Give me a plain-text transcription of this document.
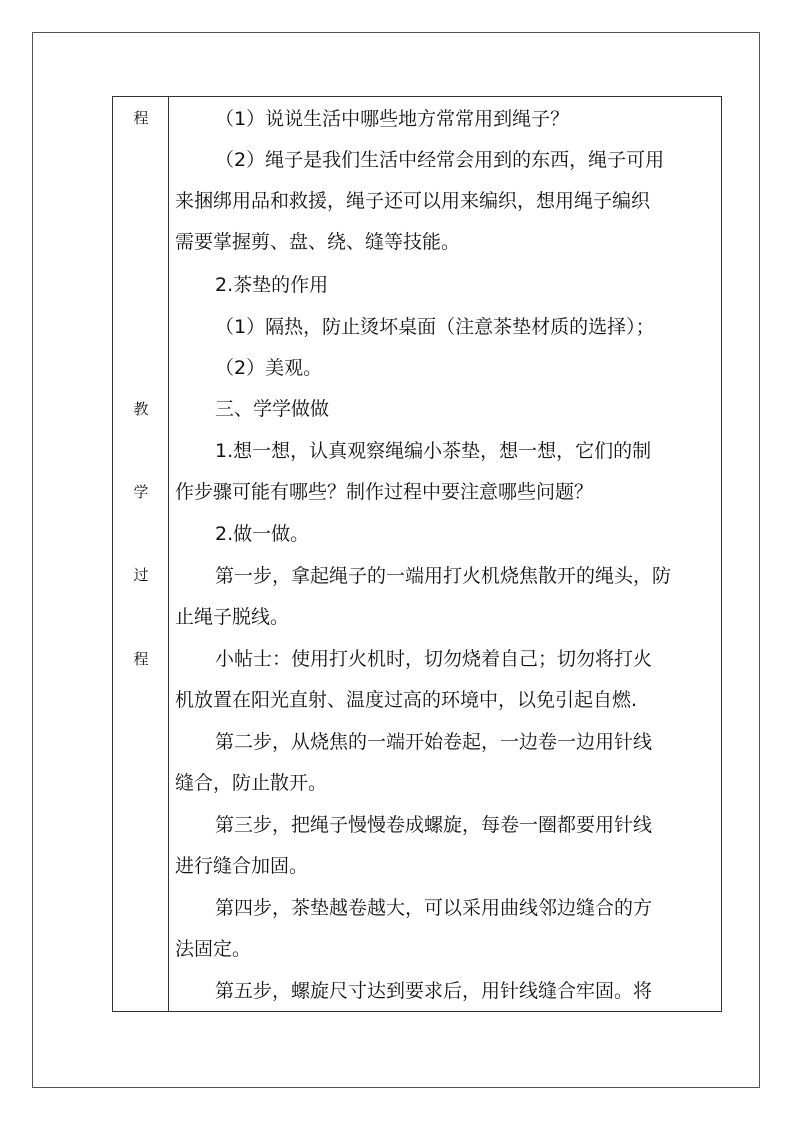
程
教
学
过
程
（1）说说生活中哪些地方常常用到绳子？
（2）绳子是我们生活中经常会用到的东西，绳子可用
来捆绑用品和救援，绳子还可以用来编织，想用绳子编织
需要掌握剪、盘、绕、缝等技能。
2.茶垫的作用
（1）隔热，防止烫坏桌面（注意茶垫材质的选择）；
（2）美观。
三、学学做做
1.想一想，认真观察绳编小茶垫，想一想，它们的制
作步骤可能有哪些？制作过程中要注意哪些问题？
2.做一做。
第一步，拿起绳子的一端用打火机烧焦散开的绳头，防
止绳子脱线。
小帖士：使用打火机时，切勿烧着自己；切勿将打火
机放置在阳光直射、温度过高的环境中，以免引起自燃.
第二步，从烧焦的一端开始卷起，一边卷一边用针线
缝合，防止散开。
第三步，把绳子慢慢卷成螺旋，每卷一圈都要用针线
进行缝合加固。
第四步，茶垫越卷越大，可以采用曲线邻边缝合的方
法固定。
第五步，螺旋尺寸达到要求后，用针线缝合牢固。将
